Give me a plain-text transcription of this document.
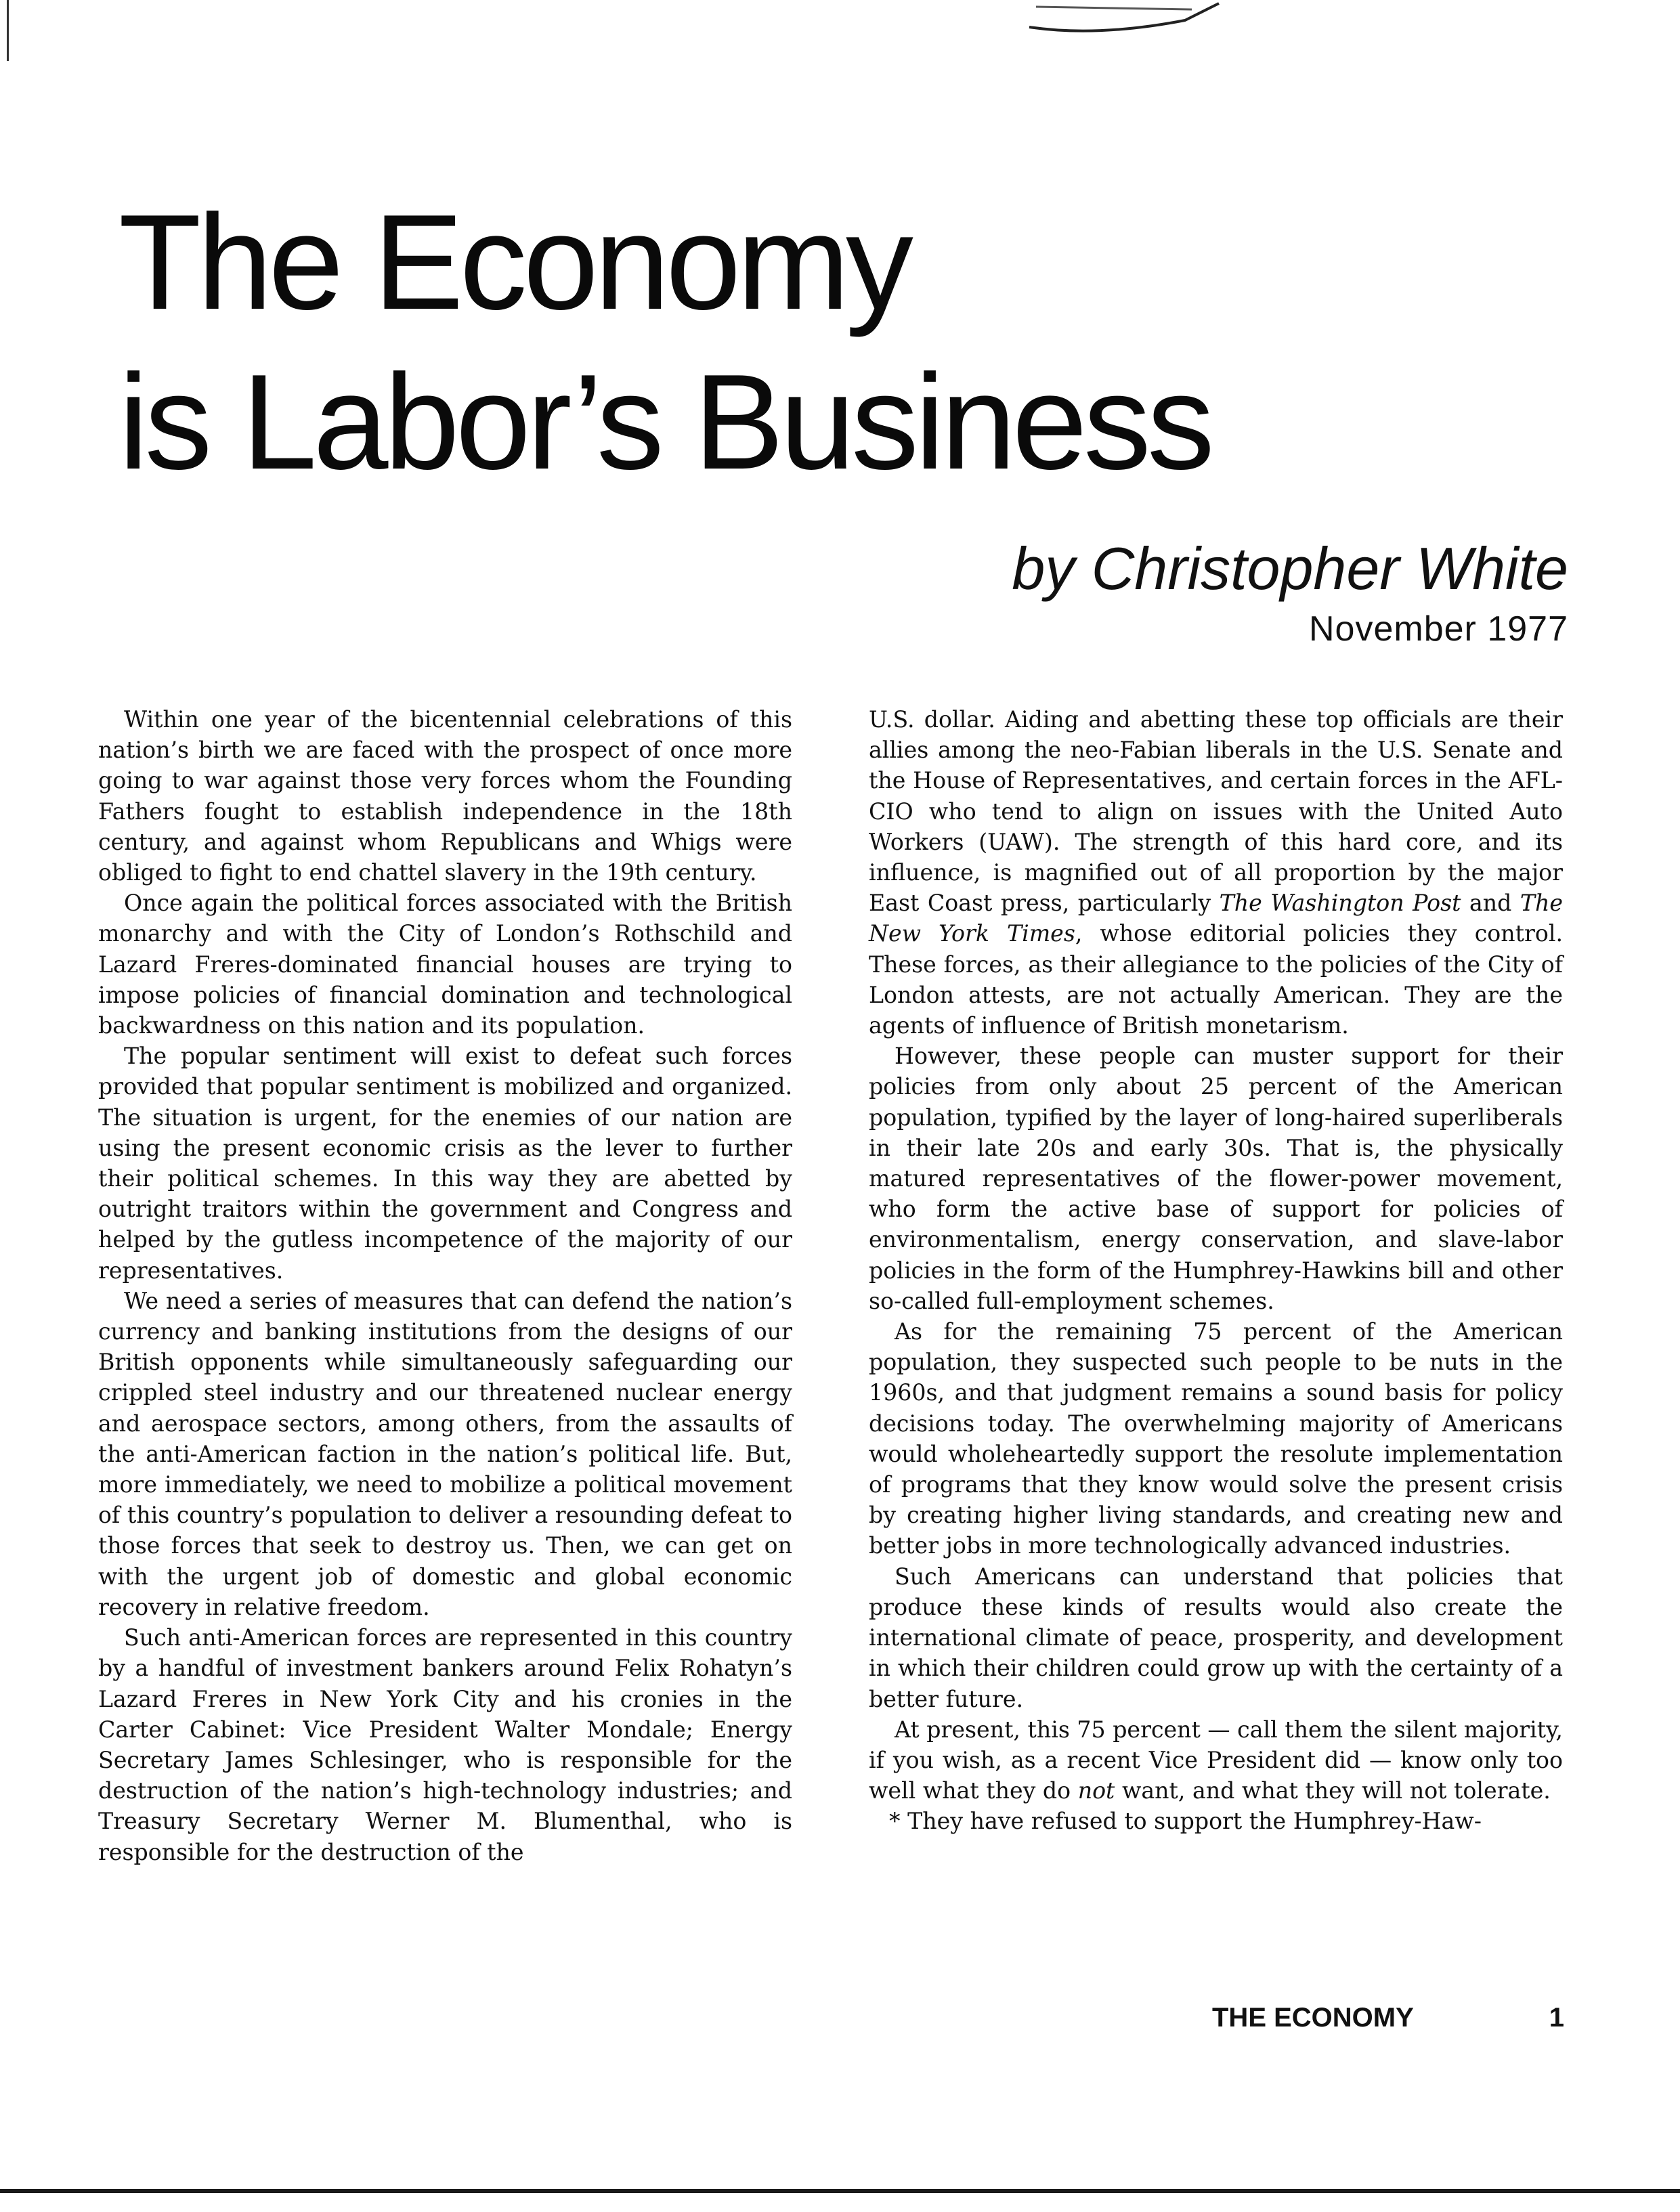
The Economy
is Labor’s Business
by Christopher White
November 1977

Within one year of the bicentennial celebrations of this nation’s birth we are faced with the prospect of once more going to war against those very forces whom the Founding Fathers fought to establish independence in the 18th century, and against whom Republicans and Whigs were obliged to fight to end chattel slavery in the 19th century.

Once again the political forces associated with the British monarchy and with the City of London’s Rothschild and Lazard Freres-dominated financial houses are trying to impose policies of financial domination and technological backwardness on this nation and its population.

The popular sentiment will exist to defeat such forces provided that popular sentiment is mobilized and organized. The situation is urgent, for the enemies of our nation are using the present economic crisis as the lever to further their political schemes. In this way they are abetted by outright traitors within the government and Congress and helped by the gutless incompetence of the majority of our representatives.

We need a series of measures that can defend the nation’s currency and banking institutions from the designs of our British opponents while simultaneously safeguarding our crippled steel industry and our threatened nuclear energy and aerospace sectors, among others, from the assaults of the anti-American faction in the nation’s political life. But, more immediately, we need to mobilize a political movement of this country’s population to deliver a resounding defeat to those forces that seek to destroy us. Then, we can get on with the urgent job of domestic and global economic recovery in relative freedom.

Such anti-American forces are represented in this country by a handful of investment bankers around Felix Rohatyn’s Lazard Freres in New York City and his cronies in the Carter Cabinet: Vice President Walter Mondale; Energy Secretary James Schlesinger, who is responsible for the destruction of the nation’s high-technology industries; and Treasury Secretary Werner M. Blumenthal, who is responsible for the destruction of the

U.S. dollar. Aiding and abetting these top officials are their allies among the neo-Fabian liberals in the U.S. Senate and the House of Representatives, and certain forces in the AFL-CIO who tend to align on issues with the United Auto Workers (UAW). The strength of this hard core, and its influence, is magnified out of all proportion by the major East Coast press, particularly The Washington Post and The New York Times, whose editorial policies they control. These forces, as their allegiance to the policies of the City of London attests, are not actually American. They are the agents of influence of British monetarism.

However, these people can muster support for their policies from only about 25 percent of the American population, typified by the layer of long-haired superliberals in their late 20s and early 30s. That is, the physically matured representatives of the flower-power movement, who form the active base of support for policies of environmentalism, energy conservation, and slave-labor policies in the form of the Humphrey-Hawkins bill and other so-called full-employment schemes.

As for the remaining 75 percent of the American population, they suspected such people to be nuts in the 1960s, and that judgment remains a sound basis for policy decisions today. The overwhelming majority of Americans would wholeheartedly support the resolute implementation of programs that they know would solve the present crisis by creating higher living standards, and creating new and better jobs in more technologically advanced industries.

Such Americans can understand that policies that produce these kinds of results would also create the international climate of peace, prosperity, and development in which their children could grow up with the certainty of a better future.

At present, this 75 percent — call them the silent majority, if you wish, as a recent Vice President did — know only too well what they do not want, and what they will not tolerate.

* They have refused to support the Humphrey-Haw-

THE ECONOMY	1
